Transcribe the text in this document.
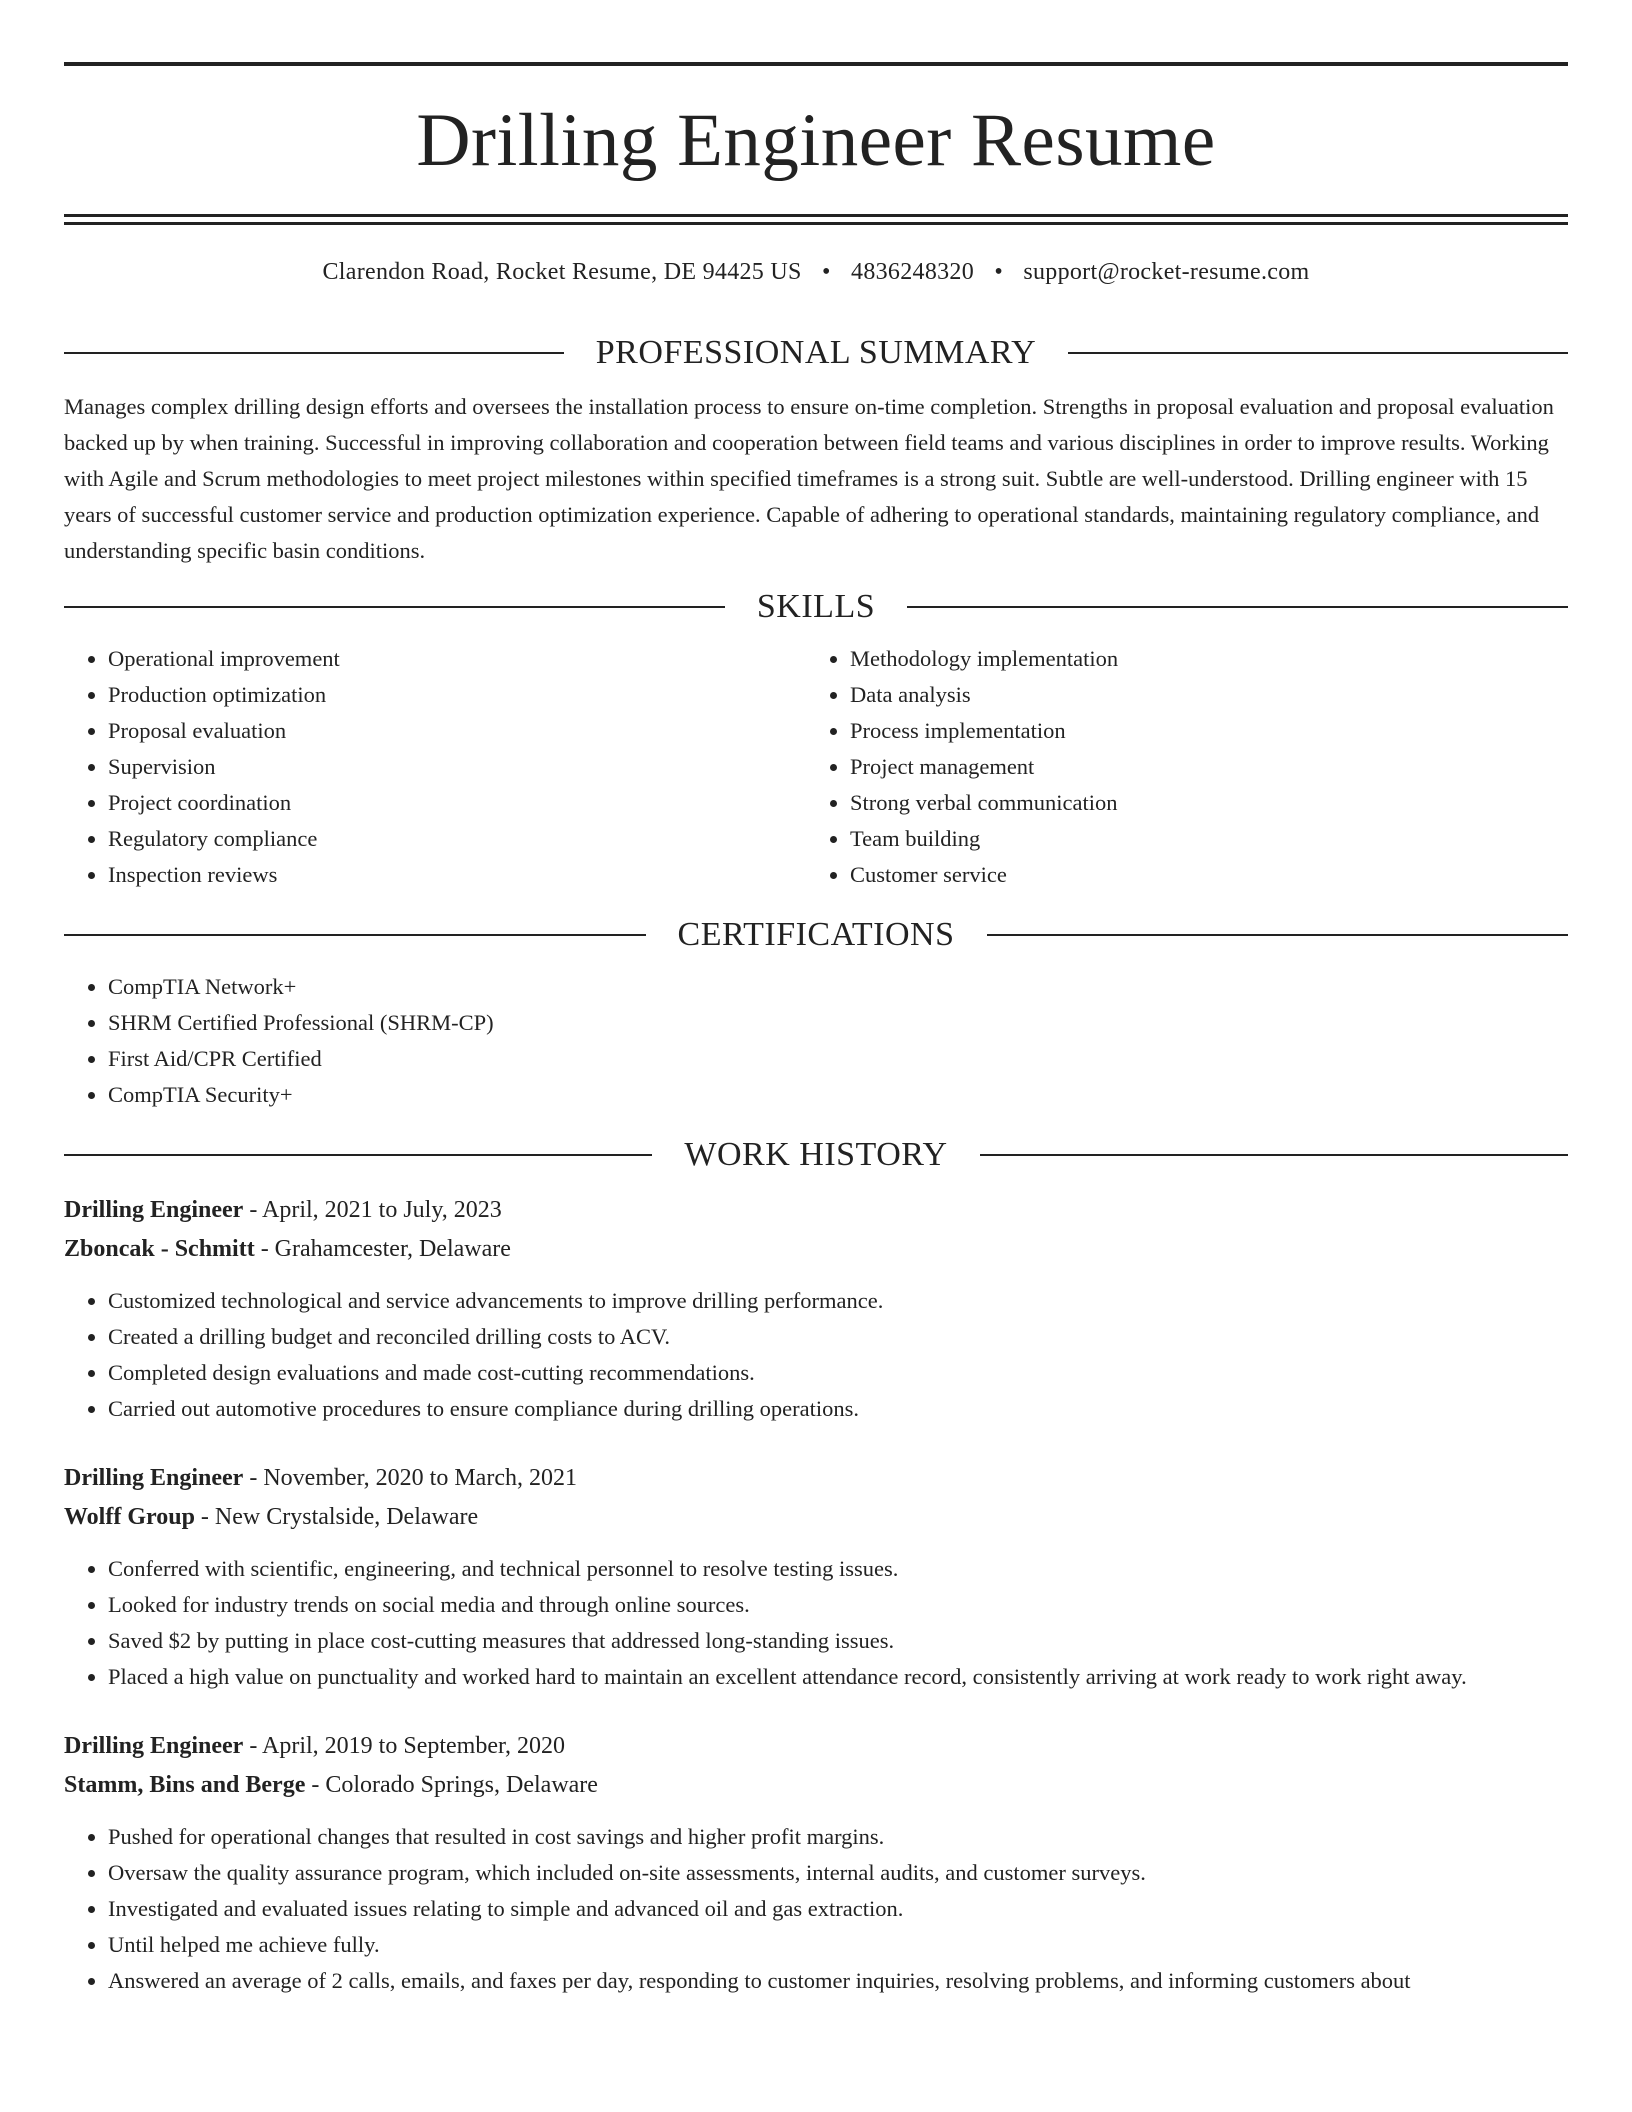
Drilling Engineer Resume
Clarendon Road, Rocket Resume, DE 94425 US • 4836248320 • support@rocket-resume.com
PROFESSIONAL SUMMARY
Manages complex drilling design efforts and oversees the installation process to ensure on-time completion. Strengths in proposal evaluation and proposal evaluation backed up by when training. Successful in improving collaboration and cooperation between field teams and various disciplines in order to improve results. Working with Agile and Scrum methodologies to meet project milestones within specified timeframes is a strong suit. Subtle are well-understood. Drilling engineer with 15 years of successful customer service and production optimization experience. Capable of adhering to operational standards, maintaining regulatory compliance, and understanding specific basin conditions.
SKILLS
• Operational improvement
• Production optimization
• Proposal evaluation
• Supervision
• Project coordination
• Regulatory compliance
• Inspection reviews
• Methodology implementation
• Data analysis
• Process implementation
• Project management
• Strong verbal communication
• Team building
• Customer service
CERTIFICATIONS
• CompTIA Network+
• SHRM Certified Professional (SHRM-CP)
• First Aid/CPR Certified
• CompTIA Security+
WORK HISTORY
Drilling Engineer - April, 2021 to July, 2023
Zboncak - Schmitt - Grahamcester, Delaware
• Customized technological and service advancements to improve drilling performance.
• Created a drilling budget and reconciled drilling costs to ACV.
• Completed design evaluations and made cost-cutting recommendations.
• Carried out automotive procedures to ensure compliance during drilling operations.
Drilling Engineer - November, 2020 to March, 2021
Wolff Group - New Crystalside, Delaware
• Conferred with scientific, engineering, and technical personnel to resolve testing issues.
• Looked for industry trends on social media and through online sources.
• Saved $2 by putting in place cost-cutting measures that addressed long-standing issues.
• Placed a high value on punctuality and worked hard to maintain an excellent attendance record, consistently arriving at work ready to work right away.
Drilling Engineer - April, 2019 to September, 2020
Stamm, Bins and Berge - Colorado Springs, Delaware
• Pushed for operational changes that resulted in cost savings and higher profit margins.
• Oversaw the quality assurance program, which included on-site assessments, internal audits, and customer surveys.
• Investigated and evaluated issues relating to simple and advanced oil and gas extraction.
• Until helped me achieve fully.
• Answered an average of 2 calls, emails, and faxes per day, responding to customer inquiries, resolving problems, and informing customers about
